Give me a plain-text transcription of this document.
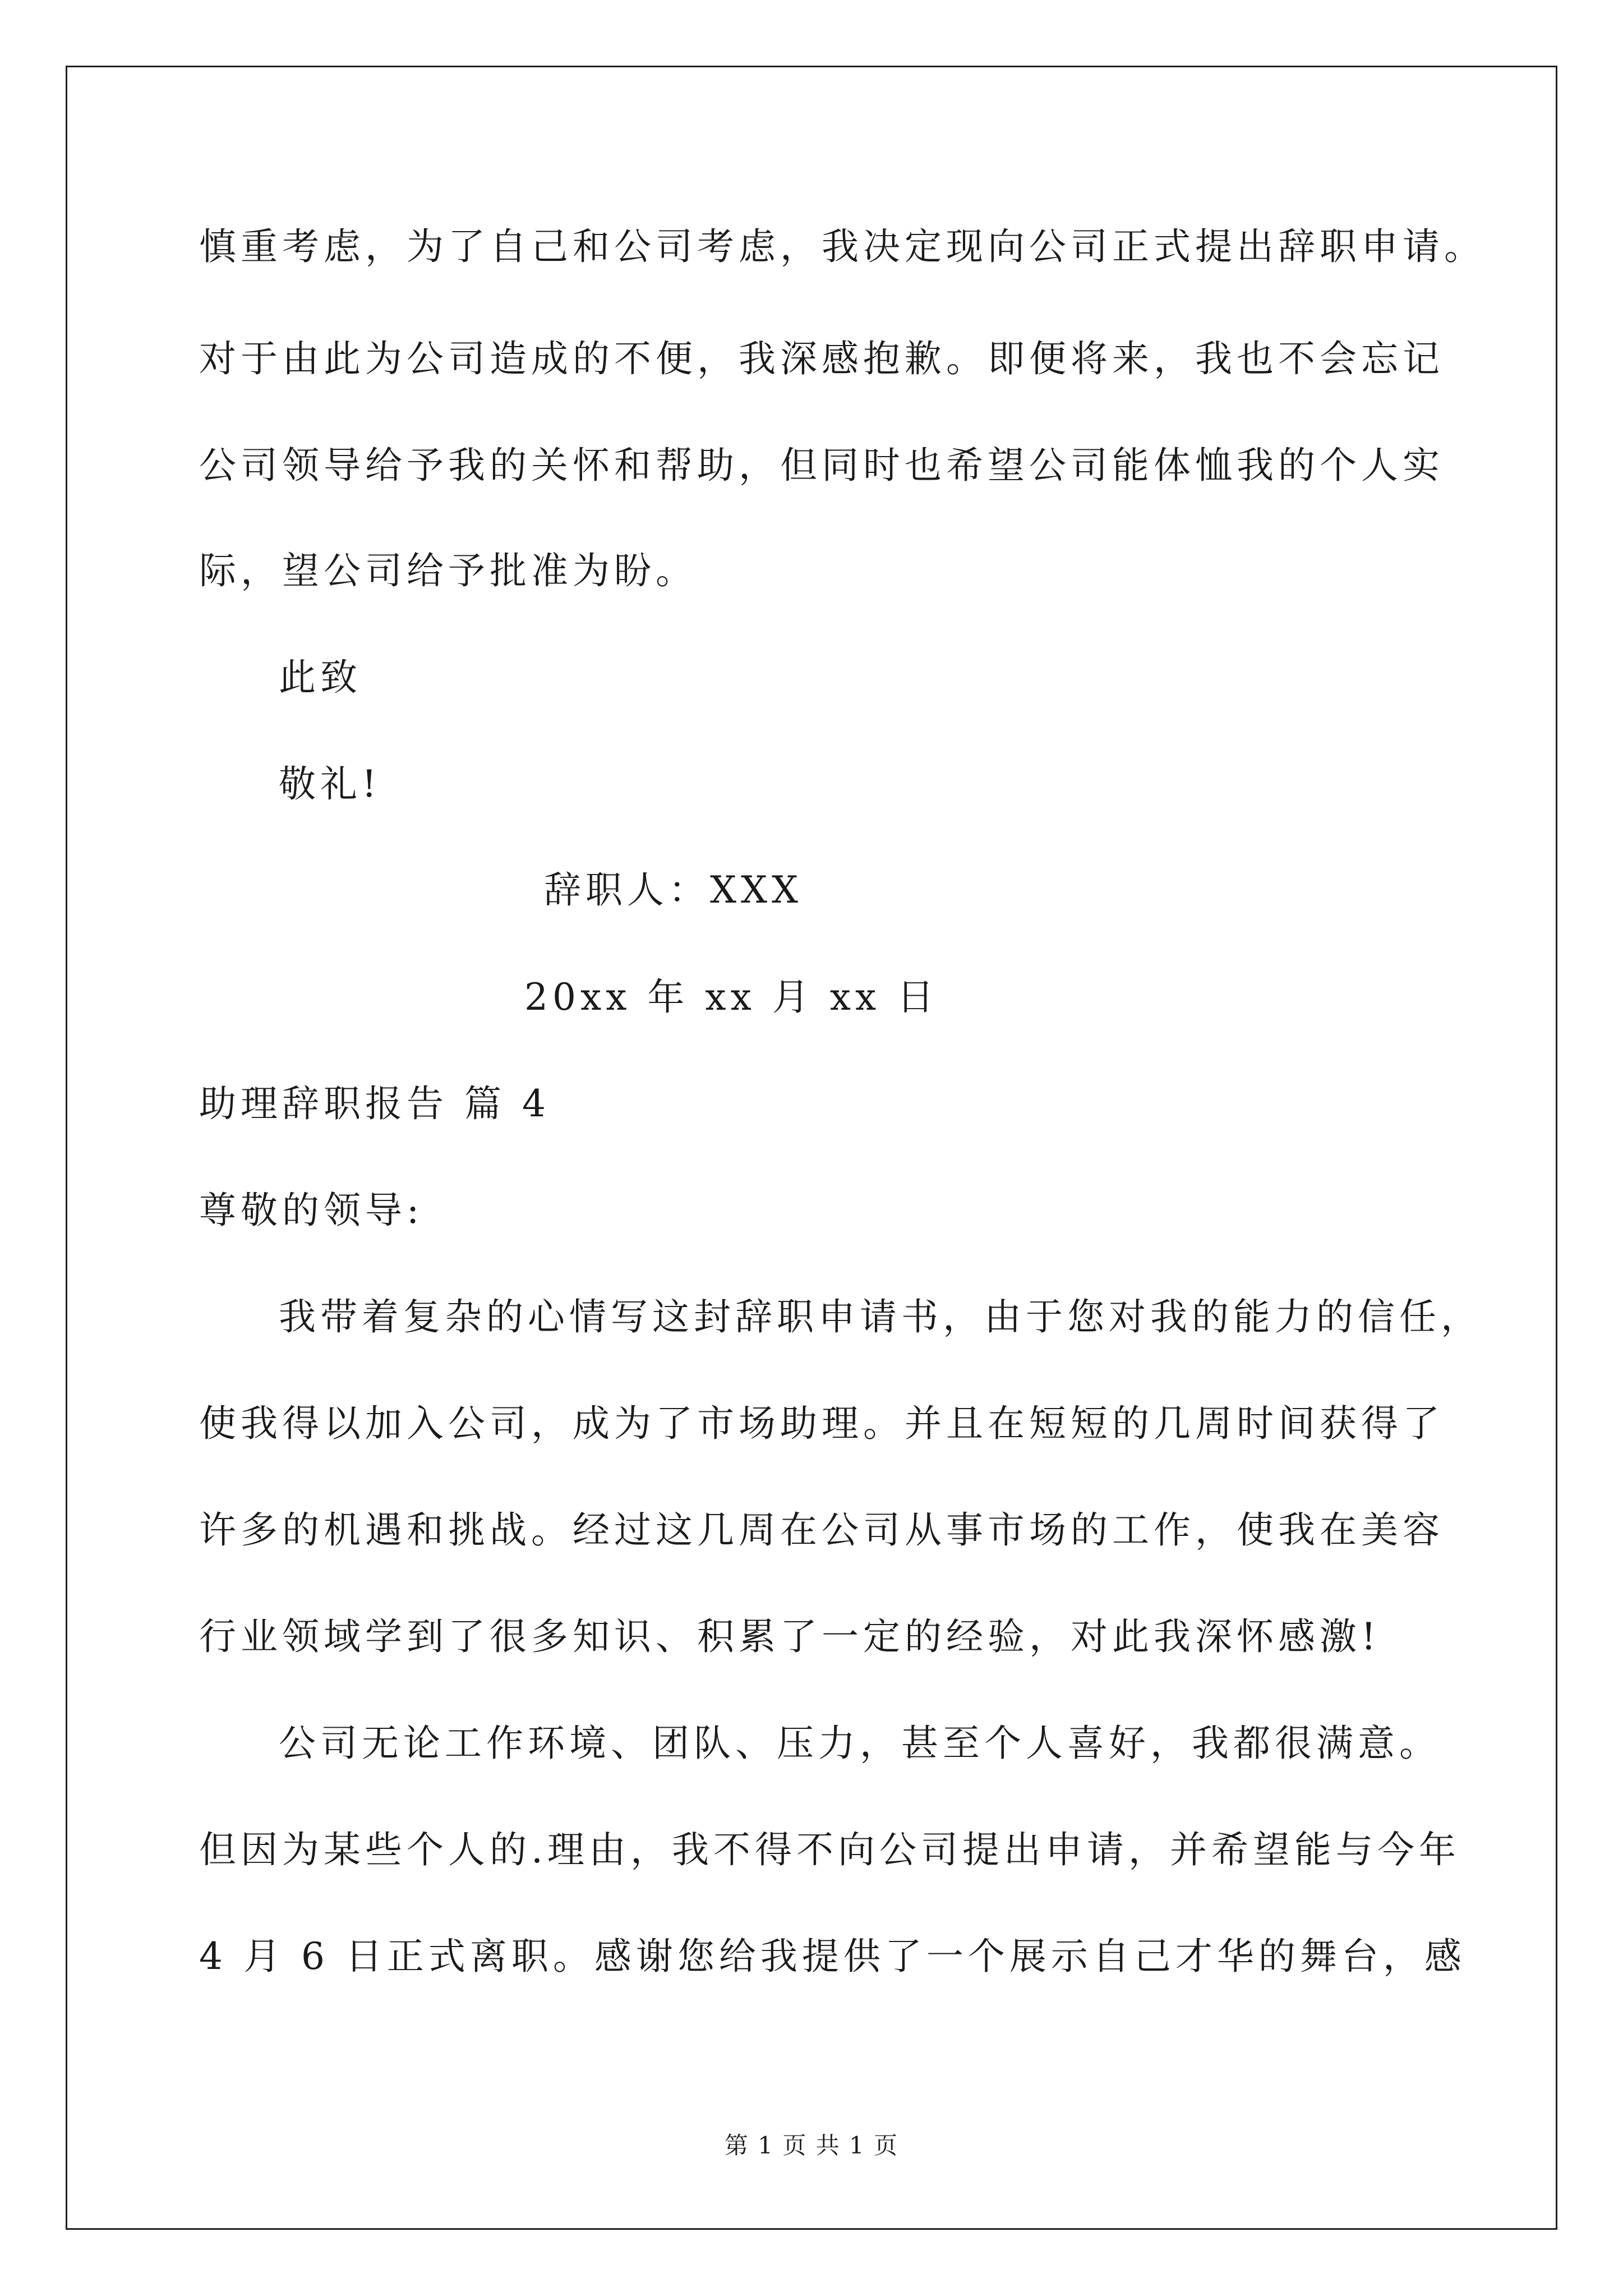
慎重考虑，为了自己和公司考虑，我决定现向公司正式提出辞职申请。
对于由此为公司造成的不便，我深感抱歉。即便将来，我也不会忘记
公司领导给予我的关怀和帮助，但同时也希望公司能体恤我的个人实
际，望公司给予批准为盼。
此致
敬礼!
辞职人：XXX
20xx 年 xx 月 xx 日
助理辞职报告 篇 4
尊敬的领导:
我带着复杂的心情写这封辞职申请书，由于您对我的能力的信任，
使我得以加入公司，成为了市场助理。并且在短短的几周时间获得了
许多的机遇和挑战。经过这几周在公司从事市场的工作，使我在美容
行业领域学到了很多知识、积累了一定的经验，对此我深怀感激!
公司无论工作环境、团队、压力，甚至个人喜好，我都很满意。
但因为某些个人的.理由，我不得不向公司提出申请，并希望能与今年
4 月 6 日正式离职。感谢您给我提供了一个展示自己才华的舞台，感
第 1 页 共 1 页
